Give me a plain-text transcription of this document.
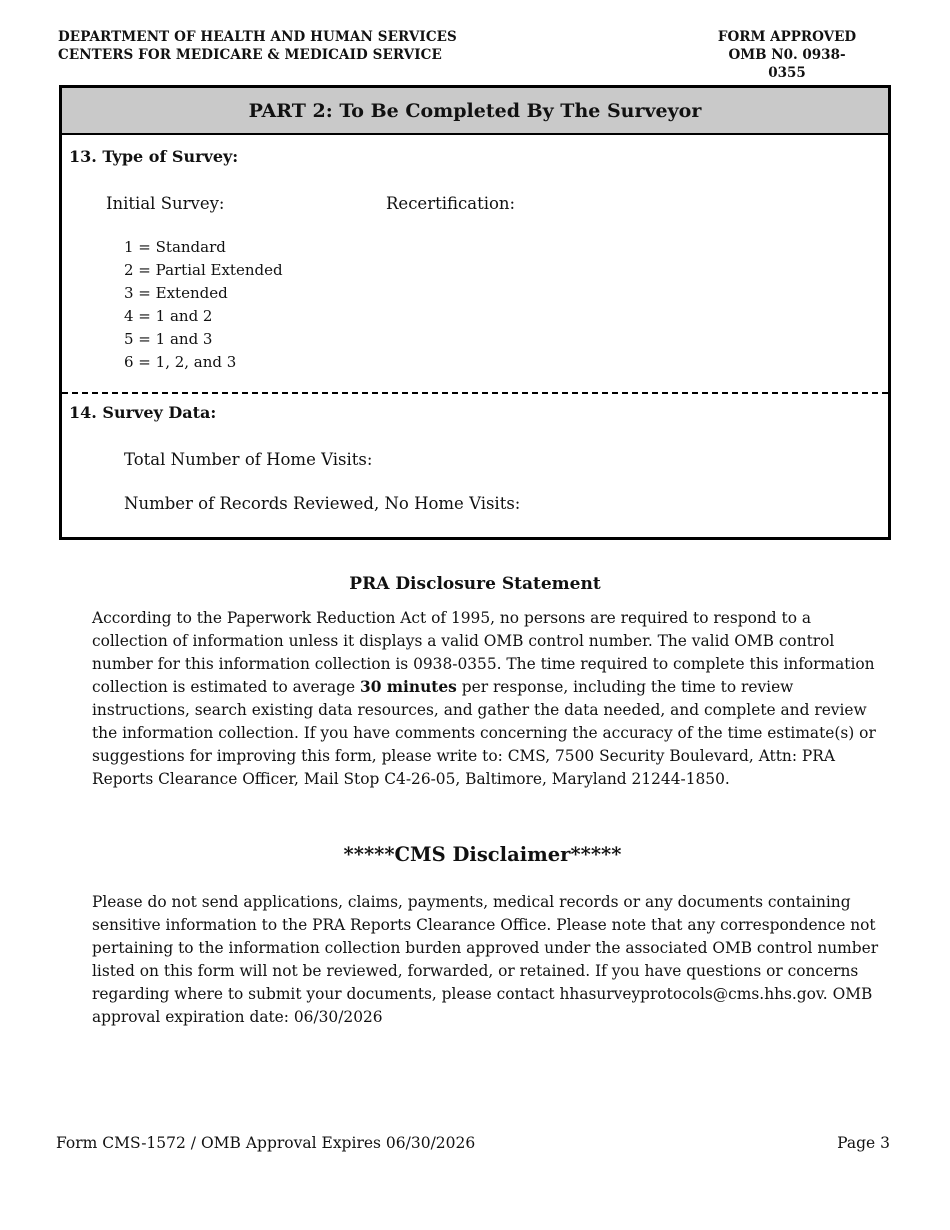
DEPARTMENT OF HEALTH AND HUMAN SERVICES
CENTERS FOR MEDICARE & MEDICAID SERVICE
FORM APPROVED
OMB N0. 0938-0355
PART 2: To Be Completed By The Surveyor
13. Type of Survey:
Initial Survey:	Recertification:
1 = Standard
2 = Partial Extended
3 = Extended
4 = 1 and 2
5 = 1 and 3
6 = 1, 2, and 3
14. Survey Data:
Total Number of Home Visits:
Number of Records Reviewed, No Home Visits:
PRA Disclosure Statement
According to the Paperwork Reduction Act of 1995, no persons are required to respond to a collection of information unless it displays a valid OMB control number. The valid OMB control number for this information collection is 0938-0355. The time required to complete this information collection is estimated to average 30 minutes per response, including the time to review instructions, search existing data resources, and gather the data needed, and complete and review the information collection. If you have comments concerning the accuracy of the time estimate(s) or suggestions for improving this form, please write to: CMS, 7500 Security Boulevard, Attn: PRA Reports Clearance Officer, Mail Stop C4-26-05, Baltimore, Maryland 21244-1850.
*****CMS Disclaimer*****
Please do not send applications, claims, payments, medical records or any documents containing sensitive information to the PRA Reports Clearance Office. Please note that any correspondence not pertaining to the information collection burden approved under the associated OMB control number listed on this form will not be reviewed, forwarded, or retained. If you have questions or concerns regarding where to submit your documents, please contact hhasurveyprotocols@cms.hhs.gov. OMB approval expiration date: 06/30/2026
Form CMS-1572 / OMB Approval Expires 06/30/2026	Page 3
